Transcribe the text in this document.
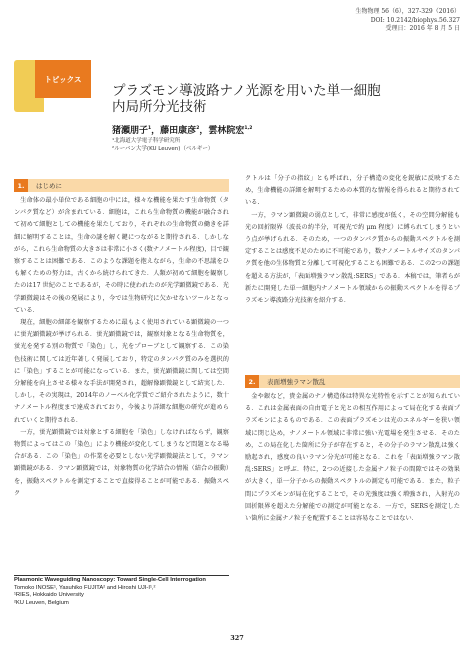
生物物理 56（6），327-329（2016）
DOI: 10.2142/biophys.56.327
受理日：2016 年 8 月 5 日
トピックス
プラズモン導波路ナノ光源を用いた単一細胞
内局所分光技術
猪瀬朋子$^1$，藤田康彦$^2$，雲林院宏$^{1,2}$
¹北海道大学電子科学研究所
²ルーバン大学(KU Leuven)（ベルギー）
1.	はじめに

生命体の最小単位である細胞の中には，様々な機能を果たす生命物質（タンパク質など）が含まれている．細胞は，これら生命物質の機能が融合されて初めて細胞としての機能を果たしており，それぞれの生命物質の働きを詳細に解明することは，生命の謎を解く鍵につながると期待される．しかしながら，これら生命物質の大きさは非常に小さく(数ナノメートル程度)，目で観察することは困難である．このような課題を抱えながら，生命の不思議をひも解くための努力は，古くから続けられてきた．人類が初めて細胞を観察したのは17 世紀のことであるが，その時に使われたのが光学顕微鏡である．光学顕微鏡はその後の発展により，今では生物研究に欠かせないツールとなっている．

現在，細胞の細部を観察するために最もよく使用されている顕微鏡の一つに蛍光顕微鏡が挙げられる．蛍光顕微鏡では，観察対象となる生命物質を，蛍光を発する別の物質で「染色」し，光をプローブとして観察する．この染色技術に関しては近年著しく発展しており，特定のタンパク質のみを選択的に「染色」することが可能になっている．また，蛍光顕微鏡に関しては空間分解能を向上させる様々な手法が開発され，超解像顕微鏡として結実した．しかし，その実現は，2014年のノーベル化学賞でご紹介されたように，数十ナノメートル程度まで達成されており，今後より詳細な細胞の研究が進められていくと期待される．

一方，蛍光顕微鏡では対象とする細胞を「染色」しなければならず，観察物質によってはこの「染色」により機能が変化してしまうなど問題となる場合がある．この「染色」の作業を必要としない光学顕微鏡法として，ラマン顕微鏡がある．ラマン顕微鏡では，対象物質の化学結合の情報（結合の振動）を，振動スペクトルを測定することで直接得ることが可能である．振動スペク

Plasmonic Waveguiding Nanoscopy: Toward Single-Cell Interrogation
Tomoko INOSE¹, Yasuhiko FUJITA² and Hiroshi UJI-I¹,²
¹RIES, Hokkaido University
²KU Leuven, Belgium

クトルは「分子の指紋」とも呼ばれ，分子構造の変化を鋭敏に反映するため，生命機能の詳細を解明するための本質的な情報を得られると期待されている.

一方，ラマン顕微鏡の弱点として，非常に感度が低く，その空間分解能も光の回折限界（波長の約半分，可視光で約 μm 程度）に縛られてしまうという点が挙げられる．そのため，一つのタンパク質からの振動スペクトルを測定することは感度不足のために不可能であり，数ナノメートルサイズのタンパク質を他の生体物質と分離して可視化することも困難である．この2つの課題を超える方法が，「表面増強ラマン散乱:SERS」である．本稿では，筆者らが新たに開発した単一細胞内ナノメートル領域からの振動スペクトルを得るプラズモン導波路分光技術を紹介する．

2.	表面増強ラマン散乱

金や銀など，貴金属のナノ構造体は特異な光特性を示すことが知られている．これは金属表面の自由電子と光との相互作用によって局在化する表面プラズモンによるものである．この表面プラズモンは光のエネルギーを狭い領域に閉じ込め，ナノメートル領域に非常に強い光電場を発生させる．そのため，この局在化した箇所に分子が存在すると，その分子のラマン散乱は強く励起され，感度の良いラマン分光が可能となる．これを「表面増強ラマン散乱:SERS」と呼ぶ．特に，2つの近接した金属ナノ粒子の間隙ではその効果が大きく，単一分子からの振動スペクトルの測定も可能である．また，粒子間にプラズモンが局在化することで，その光強度は強く増強され，入射光の回折限界を超えた分解能での測定が可能となる．一方で，SERSを測定したい箇所に金属ナノ粒子を配置することは容易なことではない．

327
